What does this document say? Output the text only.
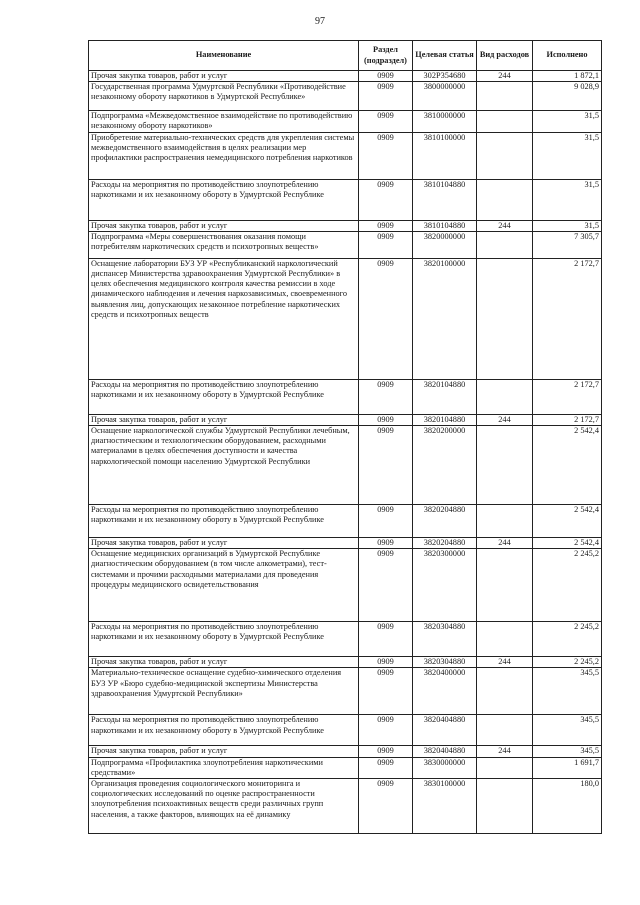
97
Наименование	Раздел (подраздел)	Целевая статья	Вид расходов	Исполнено
Прочая закупка товаров, работ и услуг	0909	302Р354680	244	1 872,1
Государственная программа Удмуртской Республики «Противодействие незаконному обороту наркотиков в Удмуртской Республике»	0909	3800000000		9 028,9
Подпрограмма «Межведомственное взаимодействие по противодействию незаконному обороту наркотиков»	0909	3810000000		31,5
Приобретение материально-технических средств для укрепления системы межведомственного взаимодействия в целях реализации мер профилактики распространения немедицинского потребления наркотиков	0909	3810100000		31,5
Расходы на мероприятия по противодействию злоупотреблению наркотиками и их незаконному обороту в Удмуртской Республике	0909	3810104880		31,5
Прочая закупка товаров, работ и услуг	0909	3810104880	244	31,5
Подпрограмма «Меры совершенствования оказания помощи потребителям наркотических средств и психотропных веществ»	0909	3820000000		7 305,7
Оснащение лаборатории БУЗ УР «Республиканский наркологический диспансер Министерства здравоохранения Удмуртской Республики» в целях обеспечения медицинского контроля качества ремиссии в ходе динамического наблюдения и лечения наркозависимых, своевременного выявления лиц, допускающих незаконное потребление наркотических средств и психотропных веществ	0909	3820100000		2 172,7
Расходы на мероприятия по противодействию злоупотреблению наркотиками и их незаконному обороту в Удмуртской Республике	0909	3820104880		2 172,7
Прочая закупка товаров, работ и услуг	0909	3820104880	244	2 172,7
Оснащение наркологической службы Удмуртской Республики лечебным, диагностическим и технологическим оборудованием, расходными материалами в целях обеспечения доступности и качества наркологической помощи населению Удмуртской Республики	0909	3820200000		2 542,4
Расходы на мероприятия по противодействию злоупотреблению наркотиками и их незаконному обороту в Удмуртской Республике	0909	3820204880		2 542,4
Прочая закупка товаров, работ и услуг	0909	3820204880	244	2 542,4
Оснащение медицинских организаций в Удмуртской Республике диагностическим оборудованием (в том числе алкометрами), тест-системами и прочими расходными материалами для проведения процедуры медицинского освидетельствования	0909	3820300000		2 245,2
Расходы на мероприятия по противодействию злоупотреблению наркотиками и их незаконному обороту в Удмуртской Республике	0909	3820304880		2 245,2
Прочая закупка товаров, работ и услуг	0909	3820304880	244	2 245,2
Материально-техническое оснащение судебно-химического отделения БУЗ УР «Бюро судебно-медицинской экспертизы Министерства здравоохранения Удмуртской Республики»	0909	3820400000		345,5
Расходы на мероприятия по противодействию злоупотреблению наркотиками и их незаконному обороту в Удмуртской Республике	0909	3820404880		345,5
Прочая закупка товаров, работ и услуг	0909	3820404880	244	345,5
Подпрограмма «Профилактика злоупотребления наркотическими средствами»	0909	3830000000		1 691,7
Организация проведения социологического мониторинга и социологических исследований по оценке распространенности злоупотребления психоактивных веществ среди различных групп населения, а также факторов, влияющих на её динамику	0909	3830100000		180,0
